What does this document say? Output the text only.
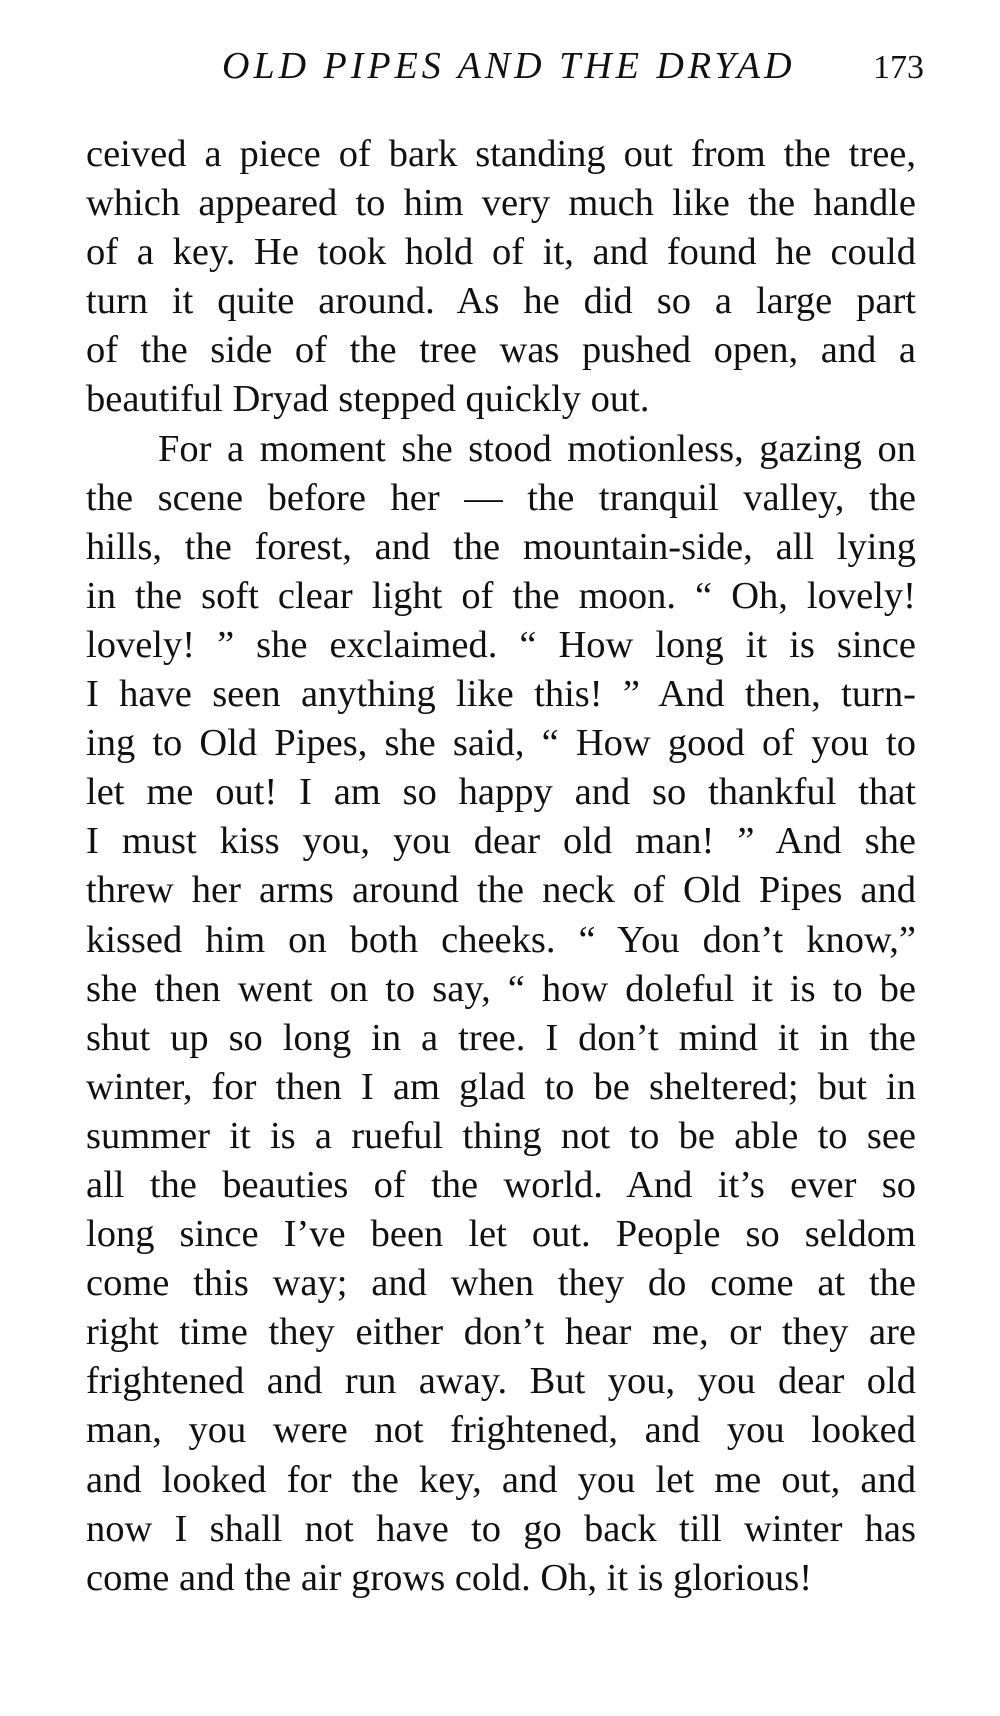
OLD PIPES AND THE DRYAD 173
ceived a piece of bark standing out from the tree,
which appeared to him very much like the handle
of a key. He took hold of it, and found he could
turn it quite around. As he did so a large part
of the side of the tree was pushed open, and a
beautiful Dryad stepped quickly out.
For a moment she stood motionless, gazing on
the scene before her — the tranquil valley, the
hills, the forest, and the mountain-side, all lying
in the soft clear light of the moon. “ Oh, lovely!
lovely! ” she exclaimed. “ How long it is since
I have seen anything like this! ” And then, turn-
ing to Old Pipes, she said, “ How good of you to
let me out! I am so happy and so thankful that
I must kiss you, you dear old man! ” And she
threw her arms around the neck of Old Pipes and
kissed him on both cheeks. “ You don’t know,”
she then went on to say, “ how doleful it is to be
shut up so long in a tree. I don’t mind it in the
winter, for then I am glad to be sheltered; but in
summer it is a rueful thing not to be able to see
all the beauties of the world. And it’s ever so
long since I’ve been let out. People so seldom
come this way; and when they do come at the
right time they either don’t hear me, or they are
frightened and run away. But you, you dear old
man, you were not frightened, and you looked
and looked for the key, and you let me out, and
now I shall not have to go back till winter has
come and the air grows cold. Oh, it is glorious!
